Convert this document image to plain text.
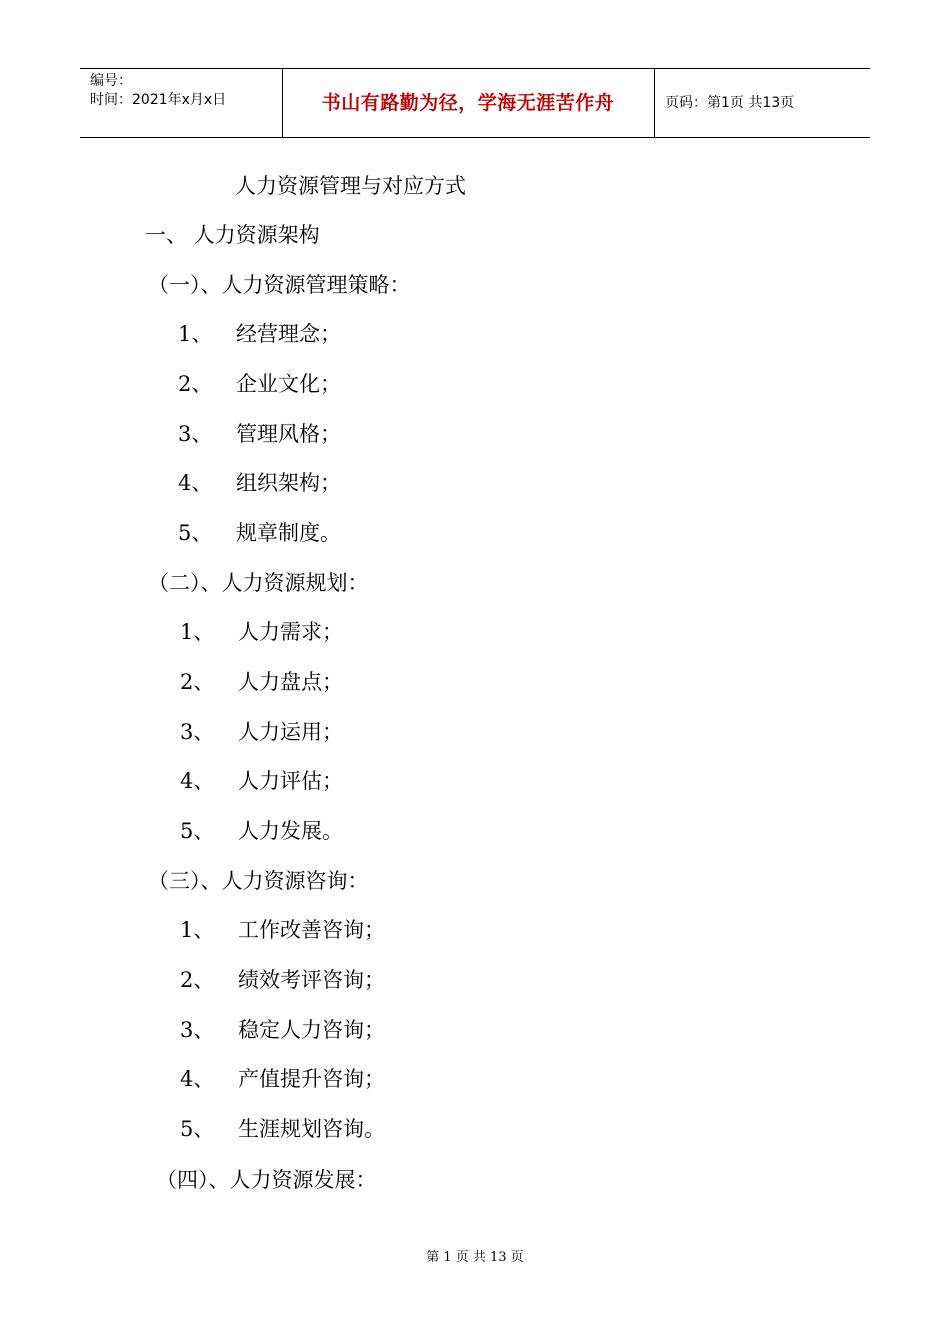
编号：
时间：2021年x月x日	书山有路勤为径，学海无涯苦作舟	页码：第1页 共13页
人力资源管理与对应方式
一、 人力资源架构
（一）、人力资源管理策略：
1、 经营理念；
2、 企业文化；
3、 管理风格；
4、 组织架构；
5、 规章制度。
（二）、人力资源规划：
1、 人力需求；
2、 人力盘点；
3、 人力运用；
4、 人力评估；
5、 人力发展。
（三）、人力资源咨询：
1、 工作改善咨询；
2、 绩效考评咨询；
3、 稳定人力咨询；
4、 产值提升咨询；
5、 生涯规划咨询。
（四）、人力资源发展：
第 1 页 共 13 页
